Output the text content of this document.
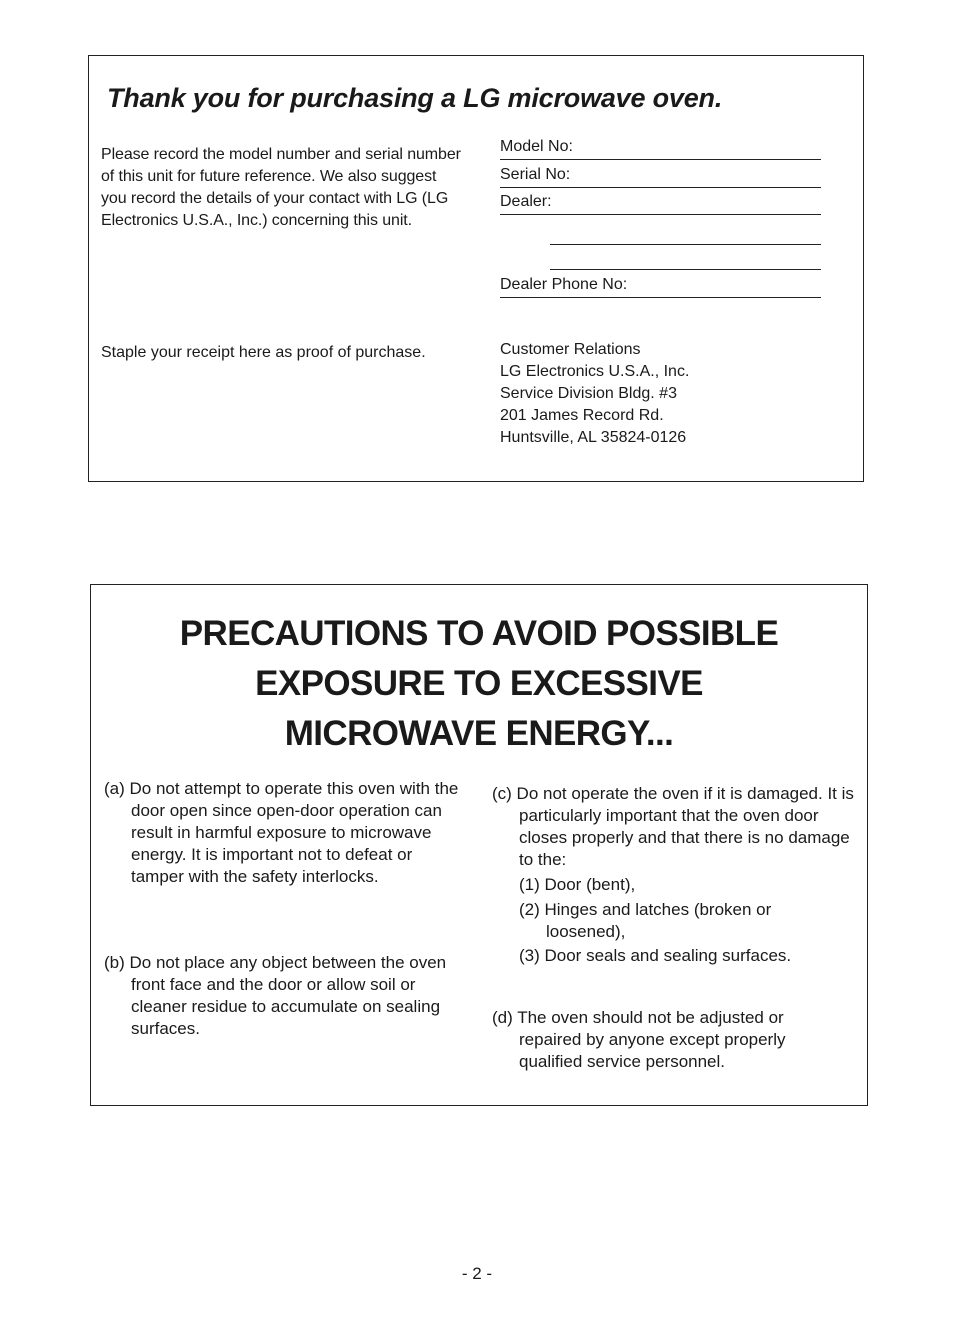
Thank you for purchasing a LG microwave oven.

Please record the model number and serial number of this unit for future reference. We also suggest you record the details of your contact with LG (LG Electronics U.S.A., Inc.) concerning this unit.

Staple your receipt here as proof of purchase.

Model No:
Serial No:
Dealer:
Dealer Phone No:
Customer Relations
LG Electronics U.S.A., Inc.
Service Division Bldg. #3
201 James Record Rd.
Huntsville, AL 35824-0126
PRECAUTIONS TO AVOID POSSIBLE
EXPOSURE TO EXCESSIVE
MICROWAVE ENERGY...

(a) Do not attempt to operate this oven with the door open since open-door operation can result in harmful exposure to microwave energy. It is important not to defeat or tamper with the safety interlocks.

(b) Do not place any object between the oven front face and the door or allow soil or cleaner residue to accumulate on sealing surfaces.

(c) Do not operate the oven if it is damaged. It is particularly important that the oven door closes properly and that there is no damage to the:

(1) Door (bent),

(2) Hinges and latches (broken or loosened),

(3) Door seals and sealing surfaces.

(d) The oven should not be adjusted or repaired by anyone except properly qualified service personnel.

- 2 -
